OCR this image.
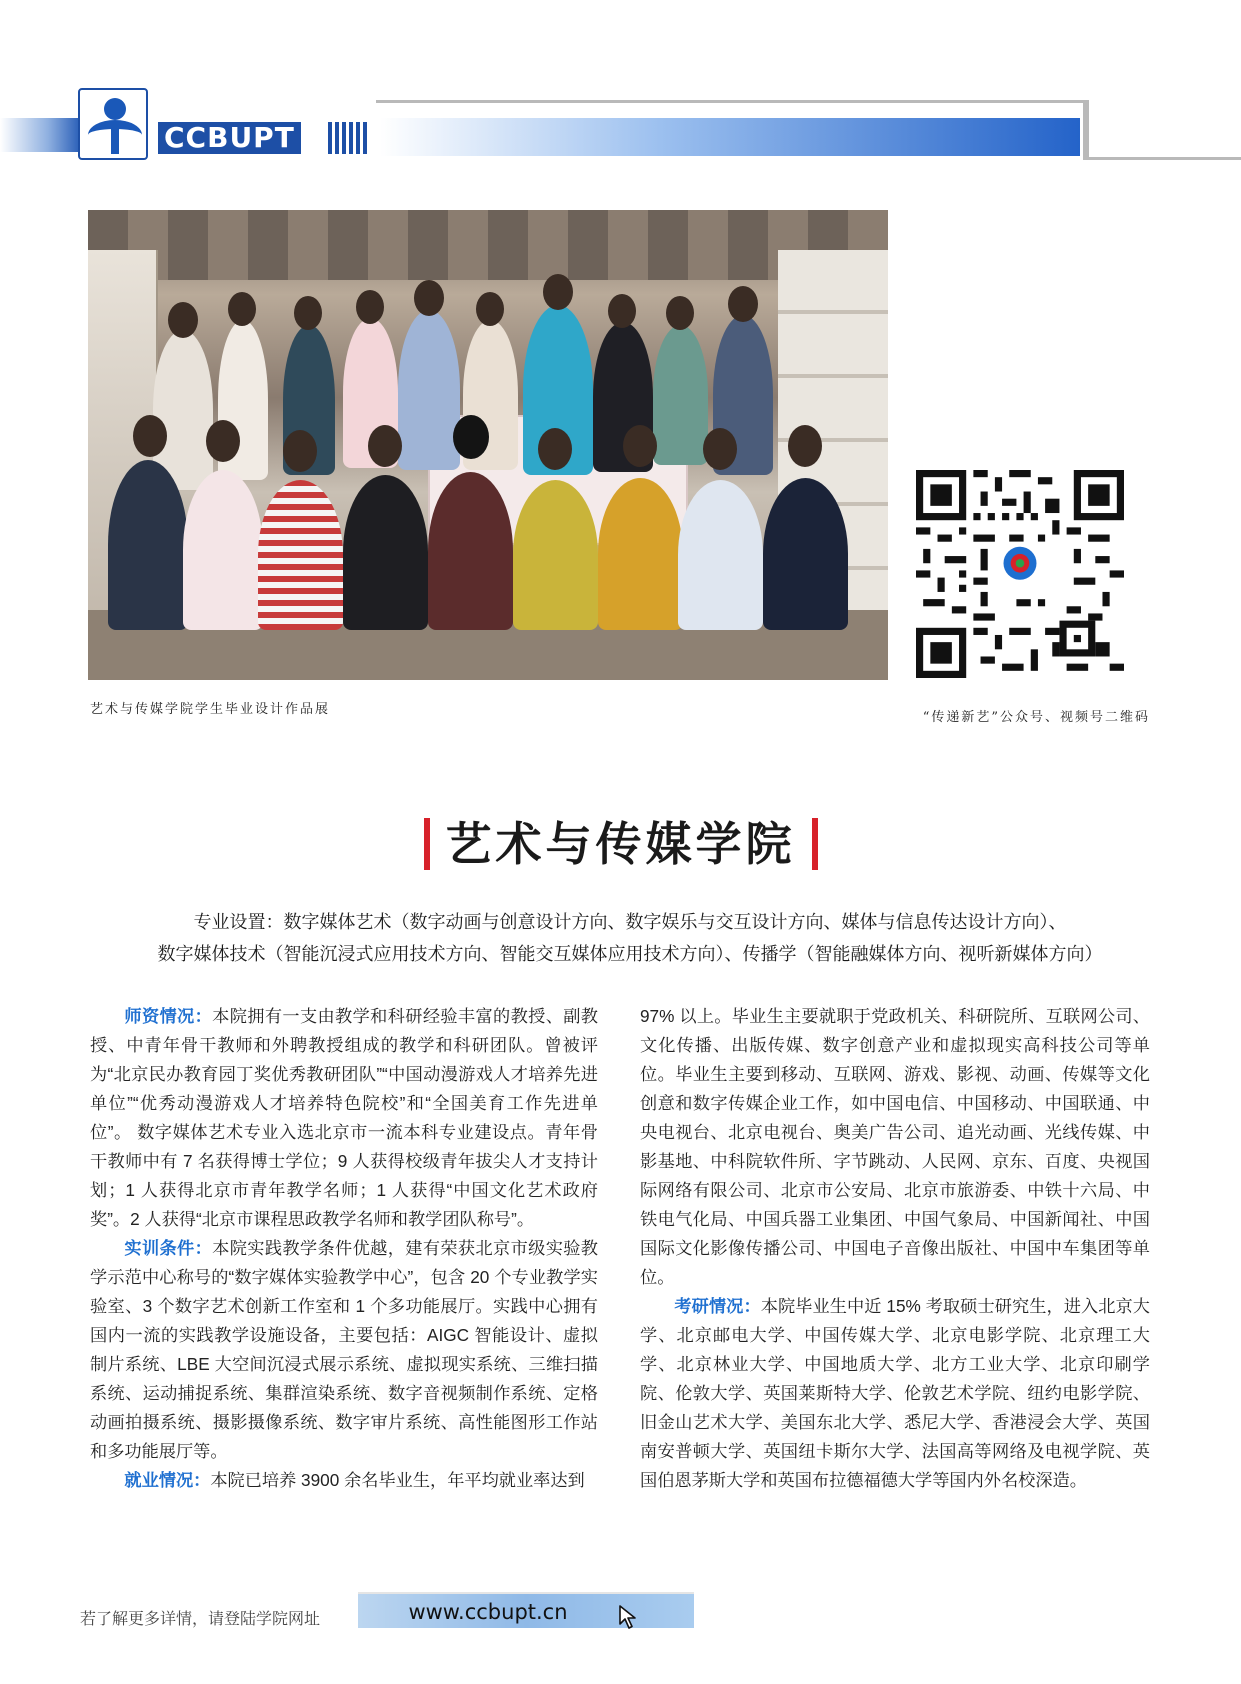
CCBUPT
艺术与传媒学院学生毕业设计作品展
“传递新艺”公众号、视频号二维码
艺术与传媒学院

专业设置：数字媒体艺术（数字动画与创意设计方向、数字娱乐与交互设计方向、媒体与信息传达设计方向）、

数字媒体技术（智能沉浸式应用技术方向、智能交互媒体应用技术方向）、传播学（智能融媒体方向、视听新媒体方向）

师资情况：本院拥有一支由教学和科研经验丰富的教授、副教授、中青年骨干教师和外聘教授组成的教学和科研团队。曾被评为“北京民办教育园丁奖优秀教研团队”“中国动漫游戏人才培养先进单位”“优秀动漫游戏人才培养特色院校”和“全国美育工作先进单位”。 数字媒体艺术专业入选北京市一流本科专业建设点。青年骨干教师中有 7 名获得博士学位；9 人获得校级青年拔尖人才支持计划；1 人获得北京市青年教学名师；1 人获得“中国文化艺术政府奖”。2 人获得“北京市课程思政教学名师和教学团队称号”。

实训条件：本院实践教学条件优越，建有荣获北京市级实验教学示范中心称号的“数字媒体实验教学中心”，包含 20 个专业教学实验室、3 个数字艺术创新工作室和 1 个多功能展厅。实践中心拥有国内一流的实践教学设施设备，主要包括：AIGC 智能设计、虚拟制片系统、LBE 大空间沉浸式展示系统、虚拟现实系统、三维扫描系统、运动捕捉系统、集群渲染系统、数字音视频制作系统、定格动画拍摄系统、摄影摄像系统、数字审片系统、高性能图形工作站和多功能展厅等。

就业情况：本院已培养 3900 余名毕业生，年平均就业率达到

97% 以上。毕业生主要就职于党政机关、科研院所、互联网公司、文化传播、出版传媒、数字创意产业和虚拟现实高科技公司等单位。毕业生主要到移动、互联网、游戏、影视、动画、传媒等文化创意和数字传媒企业工作，如中国电信、中国移动、中国联通、中央电视台、北京电视台、奥美广告公司、追光动画、光线传媒、中影基地、中科院软件所、字节跳动、人民网、京东、百度、央视国际网络有限公司、北京市公安局、北京市旅游委、中铁十六局、中铁电气化局、中国兵器工业集团、中国气象局、中国新闻社、中国国际文化影像传播公司、中国电子音像出版社、中国中车集团等单位。

考研情况：本院毕业生中近 15% 考取硕士研究生，进入北京大学、北京邮电大学、中国传媒大学、北京电影学院、北京理工大学、北京林业大学、中国地质大学、北方工业大学、北京印刷学院、伦敦大学、英国莱斯特大学、伦敦艺术学院、纽约电影学院、旧金山艺术大学、美国东北大学、悉尼大学、香港浸会大学、英国南安普顿大学、英国纽卡斯尔大学、法国高等网络及电视学院、英国伯恩茅斯大学和英国布拉德福德大学等国内外名校深造。

若了解更多详情，请登陆学院网址	www.ccbupt.cn
